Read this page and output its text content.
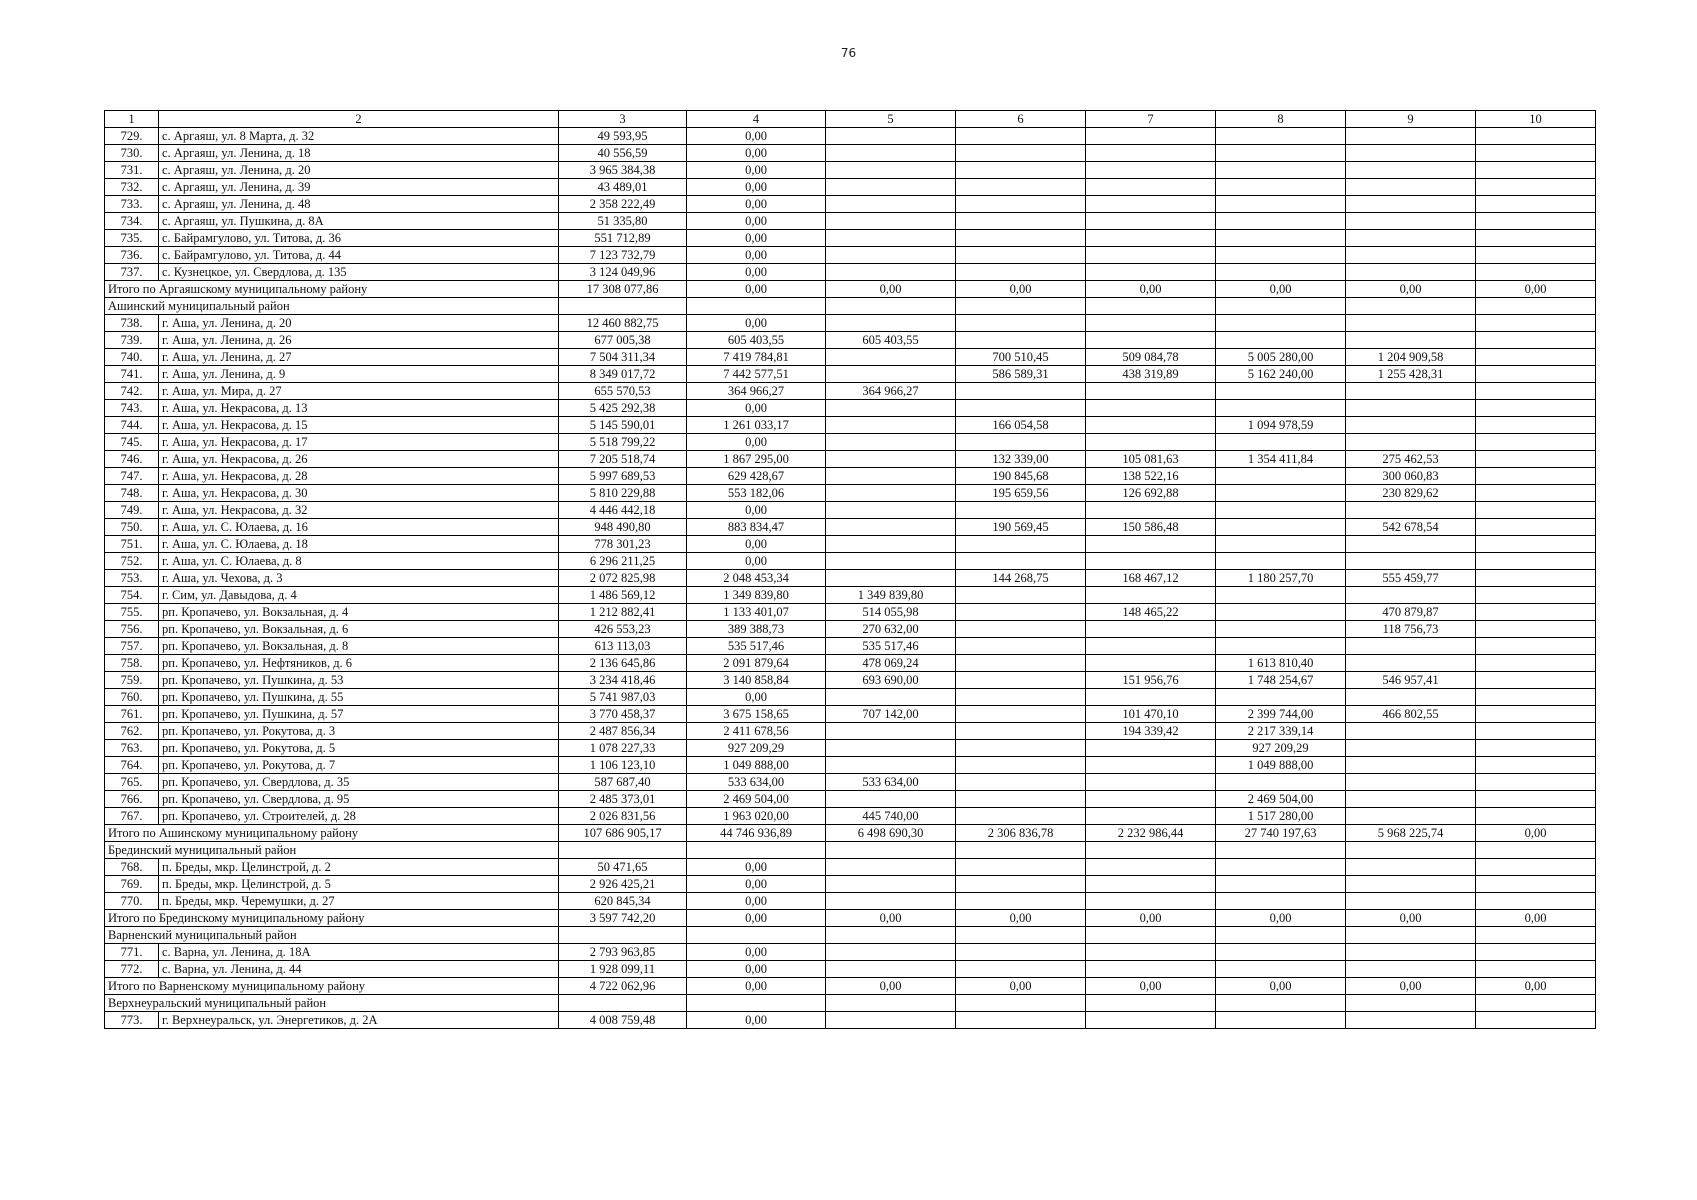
76
1	2	3	4	5	6	7	8	9	10
729.	с. Аргаяш, ул. 8 Марта, д. 32	49 593,95	0,00						
730.	с. Аргаяш, ул. Ленина, д. 18	40 556,59	0,00						
731.	с. Аргаяш, ул. Ленина, д. 20	3 965 384,38	0,00						
732.	с. Аргаяш, ул. Ленина, д. 39	43 489,01	0,00						
733.	с. Аргаяш, ул. Ленина, д. 48	2 358 222,49	0,00						
734.	с. Аргаяш, ул. Пушкина, д. 8А	51 335,80	0,00						
735.	с. Байрамгулово, ул. Титова, д. 36	551 712,89	0,00						
736.	с. Байрамгулово, ул. Титова, д. 44	7 123 732,79	0,00						
737.	с. Кузнецкое, ул. Свердлова, д. 135	3 124 049,96	0,00						
Итого по Аргаяшскому муниципальному району		17 308 077,86	0,00	0,00	0,00	0,00	0,00	0,00	0,00
Ашинский муниципальный район									
738.	г. Аша, ул. Ленина, д. 20	12 460 882,75	0,00						
739.	г. Аша, ул. Ленина, д. 26	677 005,38	605 403,55	605 403,55					
740.	г. Аша, ул. Ленина, д. 27	7 504 311,34	7 419 784,81		700 510,45	509 084,78	5 005 280,00	1 204 909,58	
741.	г. Аша, ул. Ленина, д. 9	8 349 017,72	7 442 577,51		586 589,31	438 319,89	5 162 240,00	1 255 428,31	
742.	г. Аша, ул. Мира, д. 27	655 570,53	364 966,27	364 966,27					
743.	г. Аша, ул. Некрасова, д. 13	5 425 292,38	0,00						
744.	г. Аша, ул. Некрасова, д. 15	5 145 590,01	1 261 033,17		166 054,58		1 094 978,59		
745.	г. Аша, ул. Некрасова, д. 17	5 518 799,22	0,00						
746.	г. Аша, ул. Некрасова, д. 26	7 205 518,74	1 867 295,00		132 339,00	105 081,63	1 354 411,84	275 462,53	
747.	г. Аша, ул. Некрасова, д. 28	5 997 689,53	629 428,67		190 845,68	138 522,16		300 060,83	
748.	г. Аша, ул. Некрасова, д. 30	5 810 229,88	553 182,06		195 659,56	126 692,88		230 829,62	
749.	г. Аша, ул. Некрасова, д. 32	4 446 442,18	0,00						
750.	г. Аша, ул. С. Юлаева, д. 16	948 490,80	883 834,47		190 569,45	150 586,48		542 678,54	
751.	г. Аша, ул. С. Юлаева, д. 18	778 301,23	0,00						
752.	г. Аша, ул. С. Юлаева, д. 8	6 296 211,25	0,00						
753.	г. Аша, ул. Чехова, д. 3	2 072 825,98	2 048 453,34		144 268,75	168 467,12	1 180 257,70	555 459,77	
754.	г. Сим, ул. Давыдова, д. 4	1 486 569,12	1 349 839,80	1 349 839,80					
755.	рп. Кропачево, ул. Вокзальная, д. 4	1 212 882,41	1 133 401,07	514 055,98		148 465,22		470 879,87	
756.	рп. Кропачево, ул. Вокзальная, д. 6	426 553,23	389 388,73	270 632,00				118 756,73	
757.	рп. Кропачево, ул. Вокзальная, д. 8	613 113,03	535 517,46	535 517,46					
758.	рп. Кропачево, ул. Нефтяников, д. 6	2 136 645,86	2 091 879,64	478 069,24			1 613 810,40		
759.	рп. Кропачево, ул. Пушкина, д. 53	3 234 418,46	3 140 858,84	693 690,00		151 956,76	1 748 254,67	546 957,41	
760.	рп. Кропачево, ул. Пушкина, д. 55	5 741 987,03	0,00						
761.	рп. Кропачево, ул. Пушкина, д. 57	3 770 458,37	3 675 158,65	707 142,00		101 470,10	2 399 744,00	466 802,55	
762.	рп. Кропачево, ул. Рокутова, д. 3	2 487 856,34	2 411 678,56			194 339,42	2 217 339,14		
763.	рп. Кропачево, ул. Рокутова, д. 5	1 078 227,33	927 209,29				927 209,29		
764.	рп. Кропачево, ул. Рокутова, д. 7	1 106 123,10	1 049 888,00				1 049 888,00		
765.	рп. Кропачево, ул. Свердлова, д. 35	587 687,40	533 634,00	533 634,00					
766.	рп. Кропачево, ул. Свердлова, д. 95	2 485 373,01	2 469 504,00				2 469 504,00		
767.	рп. Кропачево, ул. Строителей, д. 28	2 026 831,56	1 963 020,00	445 740,00			1 517 280,00		
Итого по Ашинскому муниципальному району		107 686 905,17	44 746 936,89	6 498 690,30	2 306 836,78	2 232 986,44	27 740 197,63	5 968 225,74	0,00
Брединский муниципальный район									
768.	п. Бреды, мкр. Целинстрой, д. 2	50 471,65	0,00						
769.	п. Бреды, мкр. Целинстрой, д. 5	2 926 425,21	0,00						
770.	п. Бреды, мкр. Черемушки, д. 27	620 845,34	0,00						
Итого по Брединскому муниципальному району		3 597 742,20	0,00	0,00	0,00	0,00	0,00	0,00	0,00
Варненский муниципальный район									
771.	с. Варна, ул. Ленина, д. 18А	2 793 963,85	0,00						
772.	с. Варна, ул. Ленина, д. 44	1 928 099,11	0,00						
Итого по Варненскому муниципальному району		4 722 062,96	0,00	0,00	0,00	0,00	0,00	0,00	0,00
Верхнеуральский муниципальный район									
773.	г. Верхнеуральск, ул. Энергетиков, д. 2А	4 008 759,48	0,00						
